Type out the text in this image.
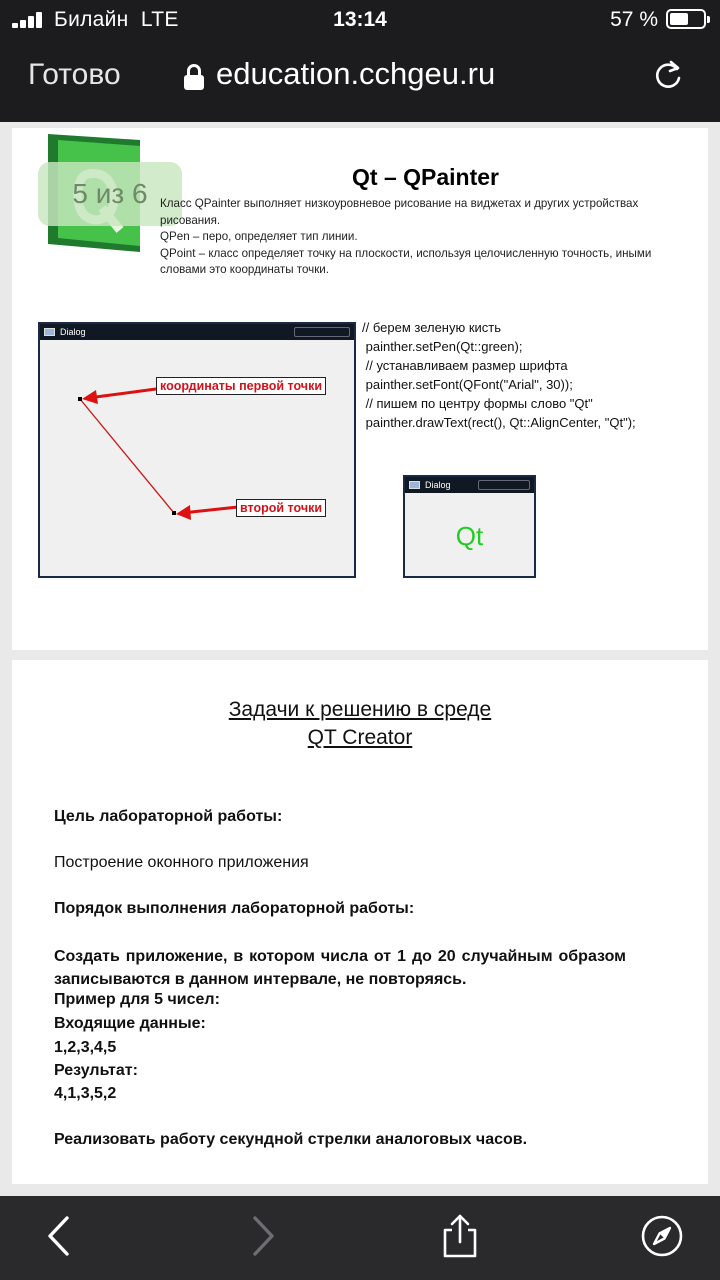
Билайн LTE	13:14	57 %
Готово	education.cchgeu.ru
5 из 6
Qt – QPainter
Класс QPainter выполняет низкоуровневое рисование на виджетах и других устройствах рисования.
QPen – перо, определяет тип линии.
QPoint – класс определяет точку на плоскости, используя целочисленную точность, иными словами это координаты точки.
Dialog
координаты первой точки
второй точки
// берем зеленую кисть
painther.setPen(Qt::green);
// устанавливаем размер шрифта
painther.setFont(QFont("Arial", 30));
// пишем по центру формы слово "Qt"
painther.drawText(rect(), Qt::AlignCenter, "Qt");
Dialog
Qt
Задачи к решению в среде
QT Creator
Цель лабораторной работы:
Построение оконного приложения
Порядок выполнения лабораторной работы:
Создать приложение, в котором числа от 1 до 20 случайным образом записываются в данном интервале, не повторяясь.
Пример для 5 чисел:
Входящие данные:
1,2,3,4,5
Результат:
4,1,3,5,2
Реализовать работу секундной стрелки аналоговых часов.
